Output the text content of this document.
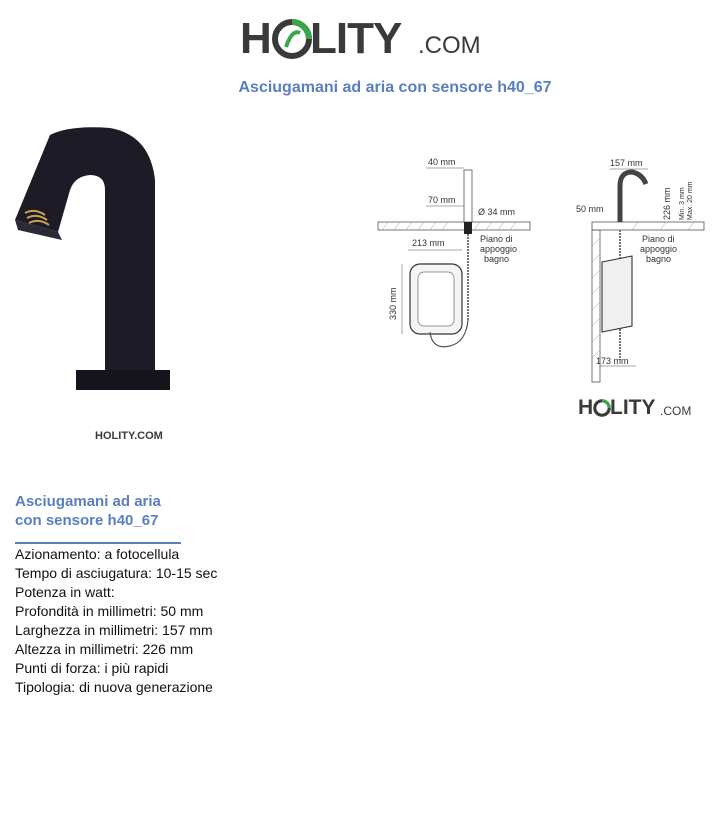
H LITY .COM
Asciugamani ad aria con sensore h40_67
HOLITY.COM
40 mm
70 mm
Ø 34 mm
213 mm
330 mm
Piano di
appoggio
bagno
157 mm
50 mm	226 mm Min. 3 mm Max. 20 mm
Piano di
appoggio
bagno
173 mm
H LITY .COM
Asciugamani ad aria
con sensore h40_67
Azionamento: a fotocellula
Tempo di asciugatura: 10-15 sec
Potenza in watt:
Profondità in millimetri: 50 mm
Larghezza in millimetri: 157 mm
Altezza in millimetri: 226 mm
Punti di forza: i più rapidi
Tipologia: di nuova generazione
